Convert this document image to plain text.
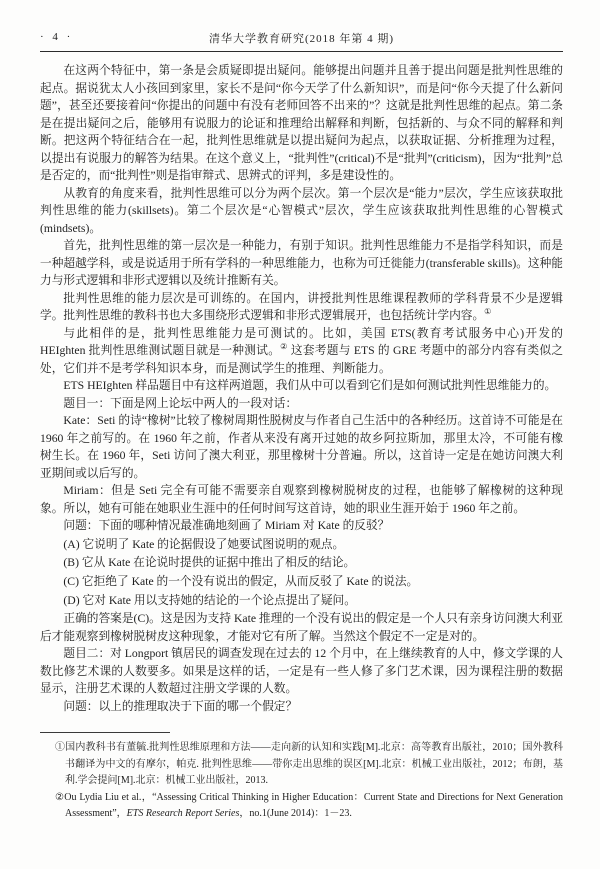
· 4 ·	清华大学教育研究(2018 年第 4 期)

在这两个特征中，第一条是会质疑即提出疑问。能够提出问题并且善于提出问题是批判性思维的起点。据说犹太人小孩回到家里，家长不是问“你今天学了什么新知识”，而是问“你今天提了什么新问题”，甚至还要接着问“你提出的问题中有没有老师回答不出来的”？这就是批判性思维的起点。第二条是在提出疑问之后，能够用有说服力的论证和推理给出解释和判断，包括新的、与众不同的解释和判断。把这两个特征结合在一起，批判性思维就是以提出疑问为起点，以获取证据、分析推理为过程，以提出有说服力的解答为结果。在这个意义上，“批判性”(critical)不是“批判”(criticism)，因为“批判”总是否定的，而“批判性”则是指审辩式、思辨式的评判，多是建设性的。

从教育的角度来看，批判性思维可以分为两个层次。第一个层次是“能力”层次，学生应该获取批判性思维的能力(skillsets)。第二个层次是“心智模式”层次，学生应该获取批判性思维的心智模式(mindsets)。

首先，批判性思维的第一层次是一种能力，有别于知识。批判性思维能力不是指学科知识，而是一种超越学科，或是说适用于所有学科的一种思维能力，也称为可迁徙能力(transferable skills)。这种能力与形式逻辑和非形式逻辑以及统计推断有关。

批判性思维的能力层次是可训练的。在国内，讲授批判性思维课程教师的学科背景不少是逻辑学。批判性思维的教科书也大多围绕形式逻辑和非形式逻辑展开，也包括统计学内容。①

与此相伴的是，批判性思维能力是可测试的。比如，美国 ETS(教育考试服务中心)开发的 HEIghten 批判性思维测试题目就是一种测试。② 这套考题与 ETS 的 GRE 考题中的部分内容有类似之处，它们并不是考学科知识本身，而是测试学生的推理、判断能力。

ETS HEIghten 样品题目中有这样两道题，我们从中可以看到它们是如何测试批判性思维能力的。

题目一：下面是网上论坛中两人的一段对话：

Kate：Seti 的诗“橡树”比较了橡树周期性脱树皮与作者自己生活中的各种经历。这首诗不可能是在 1960 年之前写的。在 1960 年之前，作者从来没有离开过她的故乡阿拉斯加，那里太冷，不可能有橡树生长。在 1960 年，Seti 访问了澳大利亚，那里橡树十分普遍。所以，这首诗一定是在她访问澳大利亚期间或以后写的。

Miriam：但是 Seti 完全有可能不需要亲自观察到橡树脱树皮的过程，也能够了解橡树的这种现象。所以，她有可能在她职业生涯中的任何时间写这首诗，她的职业生涯开始于 1960 年之前。

问题：下面的哪种情况最准确地刻画了 Miriam 对 Kate 的反驳？

(A) 它说明了 Kate 的论据假设了她要试图说明的观点。

(B) 它从 Kate 在论说时提供的证据中推出了相反的结论。

(C) 它拒绝了 Kate 的一个没有说出的假定，从而反驳了 Kate 的说法。

(D) 它对 Kate 用以支持她的结论的一个论点提出了疑问。

正确的答案是(C)。这是因为支持 Kate 推理的一个没有说出的假定是一个人只有亲身访问澳大利亚后才能观察到橡树脱树皮这种现象，才能对它有所了解。当然这个假定不一定是对的。

题目二：对 Longport 镇居民的调查发现在过去的 12 个月中，在上继续教育的人中，修文学课的人数比修艺术课的人数要多。如果是这样的话，一定是有一些人修了多门艺术课，因为课程注册的数据显示，注册艺术课的人数超过注册文学课的人数。

问题：以上的推理取决于下面的哪一个假定？

①国内教科书有董毓.批判性思维原理和方法——走向新的认知和实践[M].北京：高等教育出版社，2010；国外教科书翻译为中文的有摩尔，帕克. 批判性思维——带你走出思维的误区[M].北京：机械工业出版社，2012；布朗，基利.学会提问[M].北京：机械工业出版社，2013.
②Ou Lydia Liu et al.，“Assessing Critical Thinking in Higher Education：Current State and Directions for Next Generation Assessment”，ETS Research Report Series，no.1(June 2014)：1－23.
